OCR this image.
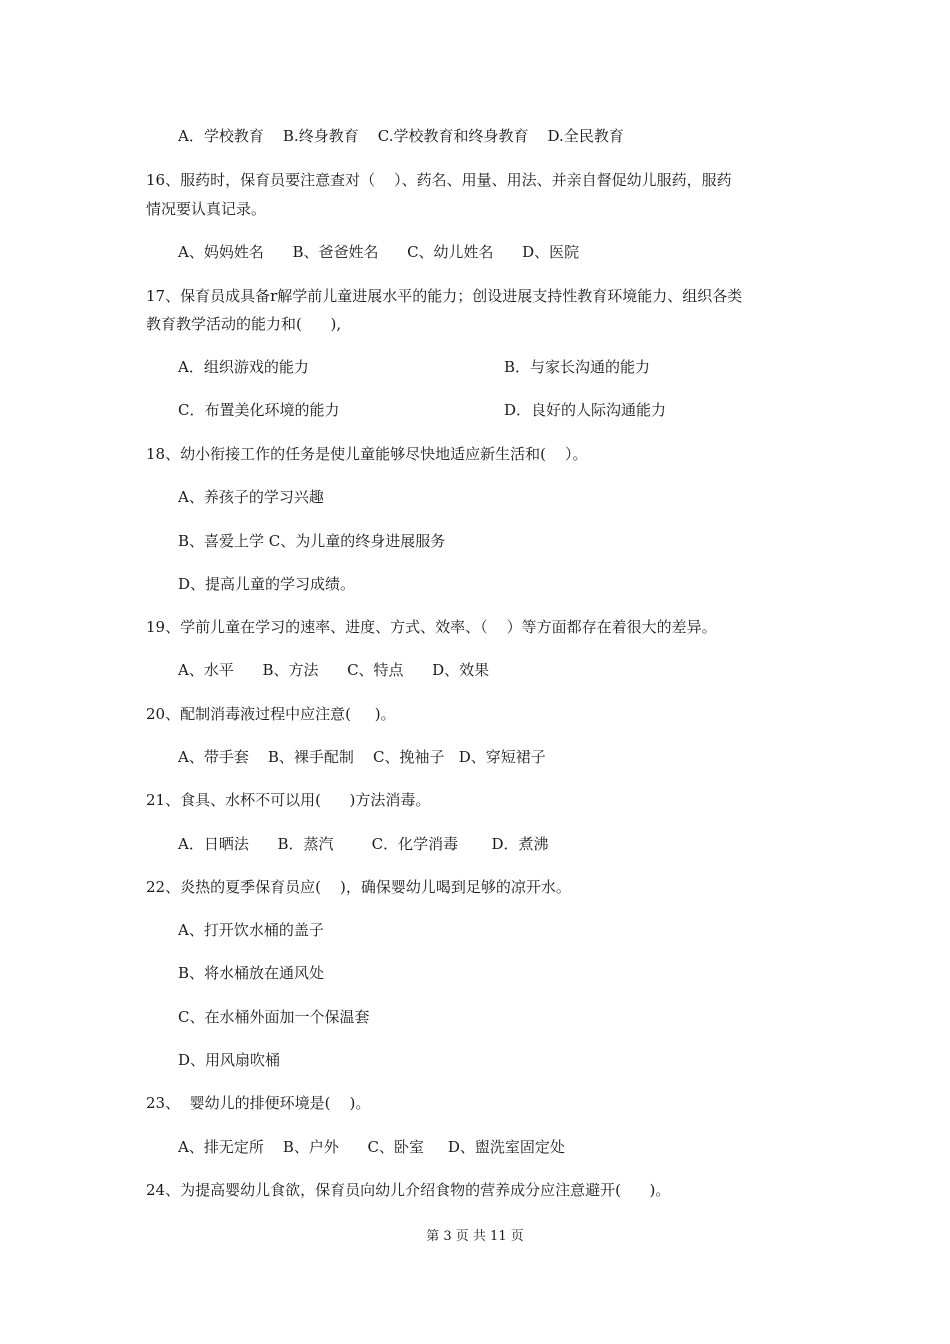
A．学校教育    B.终身教育    C.学校教育和终身教育    D.全民教育
16、服药时，保育员要注意查对（    ）、药名、用量、用法、并亲自督促幼儿服药，服药
情况要认真记录。
A、妈妈姓名      B、爸爸姓名      C、幼儿姓名      D、医院
17、保育员成具备r解学前儿童进展水平的能力；创设进展支持性教育环境能力、组织各类
教育教学活动的能力和(      ),
A．组织游戏的能力	B．与家长沟通的能力
C．布置美化环境的能力	D．良好的人际沟通能力
18、幼小衔接工作的任务是使儿童能够尽快地适应新生活和(    ）。
A、养孩子的学习兴趣
B、喜爱上学 C、为儿童的终身进展服务
D、提高儿童的学习成绩。
19、学前儿童在学习的速率、进度、方式、效率、（    ）等方面都存在着很大的差异。
A、水平      B、方法      C、特点      D、效果
20、配制消毒液过程中应注意(     )。
A、带手套    B、裸手配制    C、挽袖子   D、穿短裙子
21、食具、水杯不可以用(      )方法消毒。
A．日晒法      B．蒸汽        C．化学消毒       D．煮沸
22、炎热的夏季保育员应(    )，确保婴幼儿喝到足够的凉开水。
A、打开饮水桶的盖子
B、将水桶放在通风处
C、在水桶外面加一个保温套
D、用风扇吹桶
23、  婴幼儿的排便环境是(    )。
A、排无定所    B、户外      C、卧室     D、盥洗室固定处
24、为提高婴幼儿食欲，保育员向幼儿介绍食物的营养成分应注意避开(      )。
第 3 页 共 11 页
